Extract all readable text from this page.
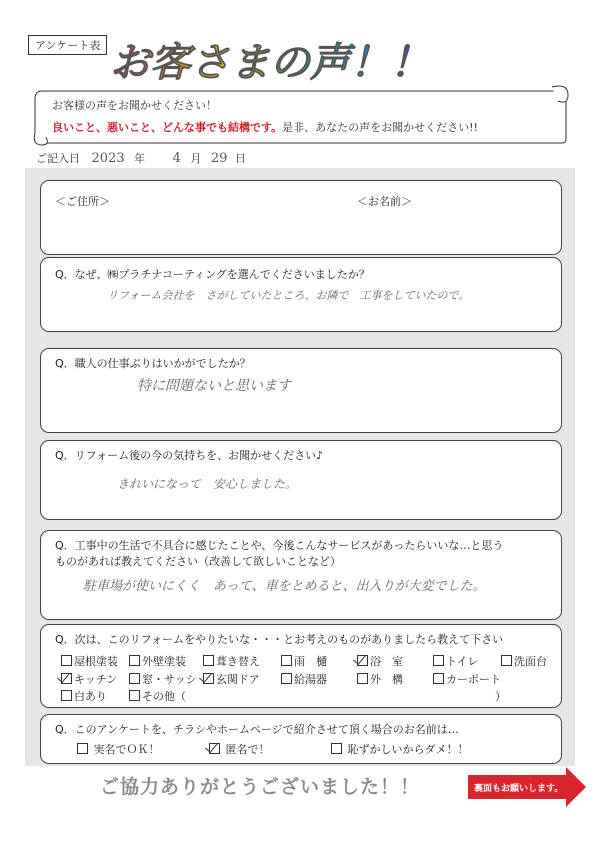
アンケート表 お客さまの声！！
お客様の声をお聞かせください！
良いこと、悪いこと、どんな事でも結構です。是非、あなたの声をお聞かせください!!
ご記入日 2023 年 4 月 29 日
＜ご住所＞	＜お名前＞
Q．なぜ、㈱プラチナコーティングを選んでくださいましたか？
リフォーム会社を　さがしていたところ、お隣で　工事をしていたので。
Q．職人の仕事ぶりはいかがでしたか？
特に問題ないと思います
Q．リフォーム後の今の気持ちを、お聞かせください♪
きれいになって　安心しました。
Q．工事中の生活で不具合に感じたことや、今後こんなサービスがあったらいいな…と思う
ものがあれば教えてください（改善して欲しいことなど）
駐車場が使いにくく　あって、車をとめると、出入りが大変でした。
Q．次は、このリフォームをやりたいな・・・とお考えのものがありましたら教えて下さい
屋根塗装	外壁塗装	葺き替え	雨　樋	浴　室	トイレ	洗面台
キッチン	窓・サッシ	玄関ドア	給湯器	外　構	カーポート
白あり	その他（	）
Q．このアンケートを、チラシやホームページで紹介させて頂く場合のお名前は…
実名でＯＫ！	匿名で！	恥ずかしいからダメ！！
ご協力ありがとうございました！！	裏面もお願いします。
